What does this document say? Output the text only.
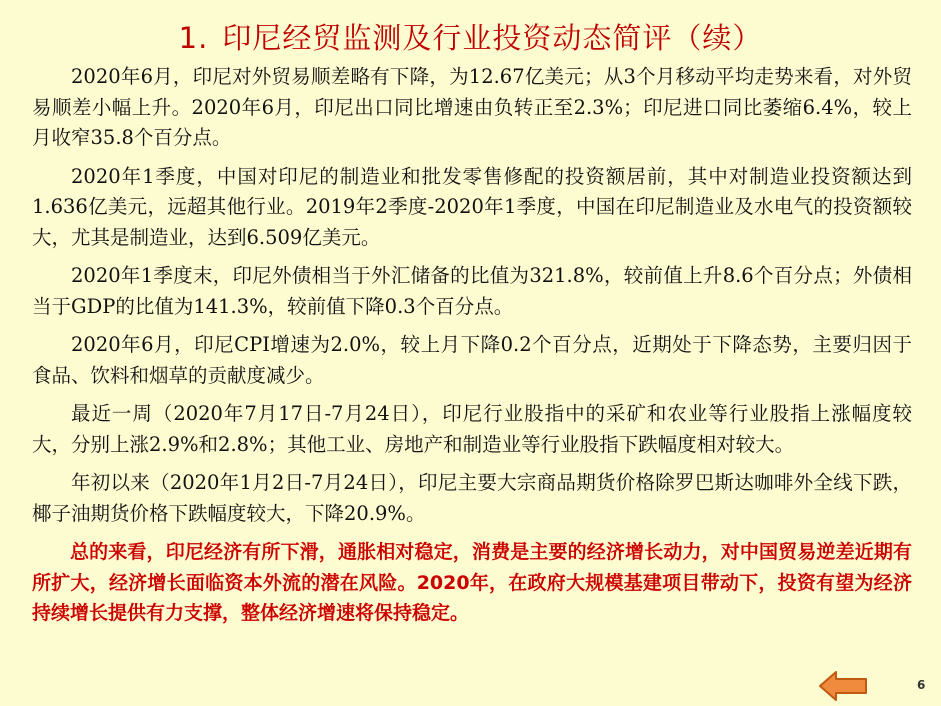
1. 印尼经贸监测及行业投资动态简评（续）

2020年6月，印尼对外贸易顺差略有下降，为12.67亿美元；从3个月移动平均走势来看，对外贸易顺差小幅上升。2020年6月，印尼出口同比增速由负转正至2.3%；印尼进口同比萎缩6.4%，较上月收窄35.8个百分点。

2020年1季度，中国对印尼的制造业和批发零售修配的投资额居前，其中对制造业投资额达到1.636亿美元，远超其他行业。2019年2季度-2020年1季度，中国在印尼制造业及水电气的投资额较大，尤其是制造业，达到6.509亿美元。

2020年1季度末，印尼外债相当于外汇储备的比值为321.8%，较前值上升8.6个百分点；外债相当于GDP的比值为141.3%，较前值下降0.3个百分点。

2020年6月，印尼CPI增速为2.0%，较上月下降0.2个百分点，近期处于下降态势，主要归因于食品、饮料和烟草的贡献度减少。

最近一周（2020年7月17日-7月24日），印尼行业股指中的采矿和农业等行业股指上涨幅度较大，分别上涨2.9%和2.8%；其他工业、房地产和制造业等行业股指下跌幅度相对较大。

年初以来（2020年1月2日-7月24日），印尼主要大宗商品期货价格除罗巴斯达咖啡外全线下跌，椰子油期货价格下跌幅度较大，下降20.9%。

总的来看，印尼经济有所下滑，通胀相对稳定，消费是主要的经济增长动力，对中国贸易逆差近期有所扩大，经济增长面临资本外流的潜在风险。2020年，在政府大规模基建项目带动下，投资有望为经济持续增长提供有力支撑，整体经济增速将保持稳定。

6
